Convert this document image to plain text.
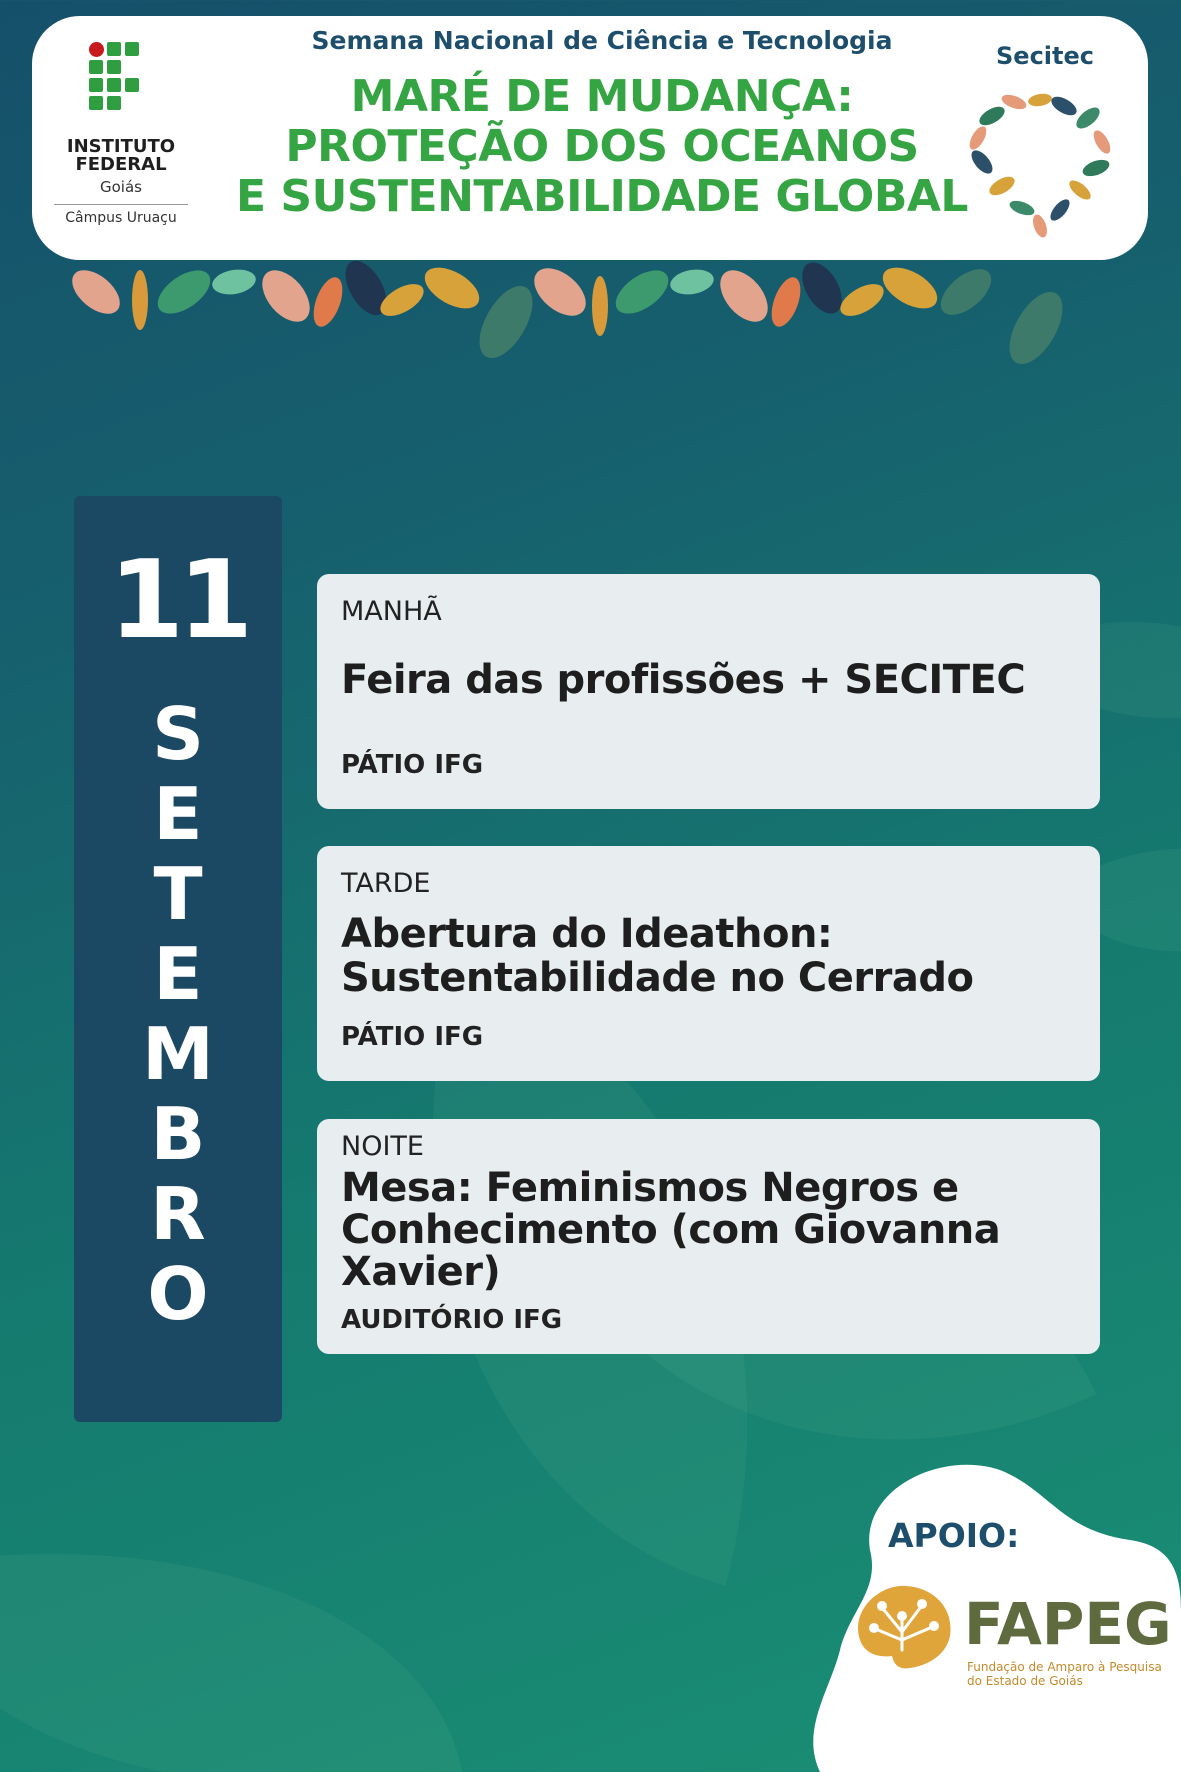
INSTITUTO FEDERAL
Goiás
Câmpus Uruaçu
Semana Nacional de Ciência e Tecnologia
MARÉ DE MUDANÇA:
PROTEÇÃO DOS OCEANOS
E SUSTENTABILIDADE GLOBAL
Secitec
11
S
E
T
E
M
B
R
O
MANHÃ
Feira das profissões + SECITEC
PÁTIO IFG
TARDE
Abertura do Ideathon: Sustentabilidade no Cerrado
PÁTIO IFG
NOITE
Mesa: Feminismos Negros e Conhecimento (com Giovanna Xavier)
AUDITÓRIO IFG
APOIO:
FAPEG
Fundação de Amparo à Pesquisa do Estado de Goiás
